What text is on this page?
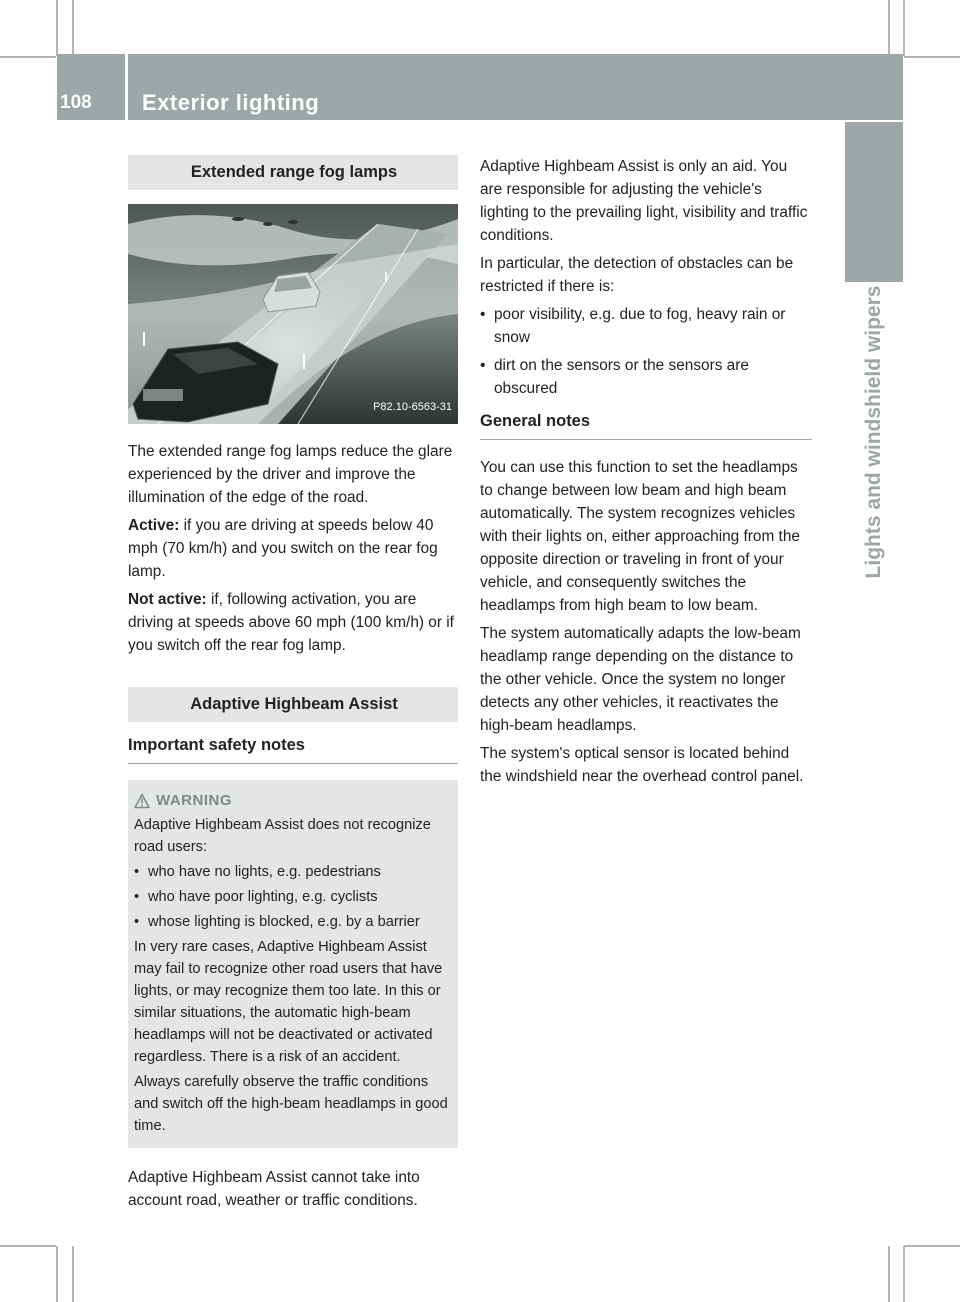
108 Exterior lighting
Lights and windshield wipers
Extended range fog lamps
P82.10-6563-31

The extended range fog lamps reduce the glare experienced by the driver and improve the illumination of the edge of the road.

Active: if you are driving at speeds below 40 mph (70 km/h) and you switch on the rear fog lamp.

Not active: if, following activation, you are driving at speeds above 60 mph (100 km/h) or if you switch off the rear fog lamp.

Adaptive Highbeam Assist
Important safety notes
WARNING

Adaptive Highbeam Assist does not recognize road users:

• who have no lights, e.g. pedestrians

• who have poor lighting, e.g. cyclists

• whose lighting is blocked, e.g. by a barrier

In very rare cases, Adaptive Highbeam Assist may fail to recognize other road users that have lights, or may recognize them too late. In this or similar situations, the automatic high-beam headlamps will not be deactivated or activated regardless. There is a risk of an accident.

Always carefully observe the traffic conditions and switch off the high-beam headlamps in good time.

Adaptive Highbeam Assist cannot take into account road, weather or traffic conditions.

Adaptive Highbeam Assist is only an aid. You are responsible for adjusting the vehicle's lighting to the prevailing light, visibility and traffic conditions.

In particular, the detection of obstacles can be restricted if there is:

• poor visibility, e.g. due to fog, heavy rain or snow

• dirt on the sensors or the sensors are obscured

General notes

You can use this function to set the headlamps to change between low beam and high beam automatically. The system recognizes vehicles with their lights on, either approaching from the opposite direction or traveling in front of your vehicle, and consequently switches the headlamps from high beam to low beam.

The system automatically adapts the low-beam headlamp range depending on the distance to the other vehicle. Once the system no longer detects any other vehicles, it reactivates the high-beam headlamps.

The system's optical sensor is located behind the windshield near the overhead control panel.
